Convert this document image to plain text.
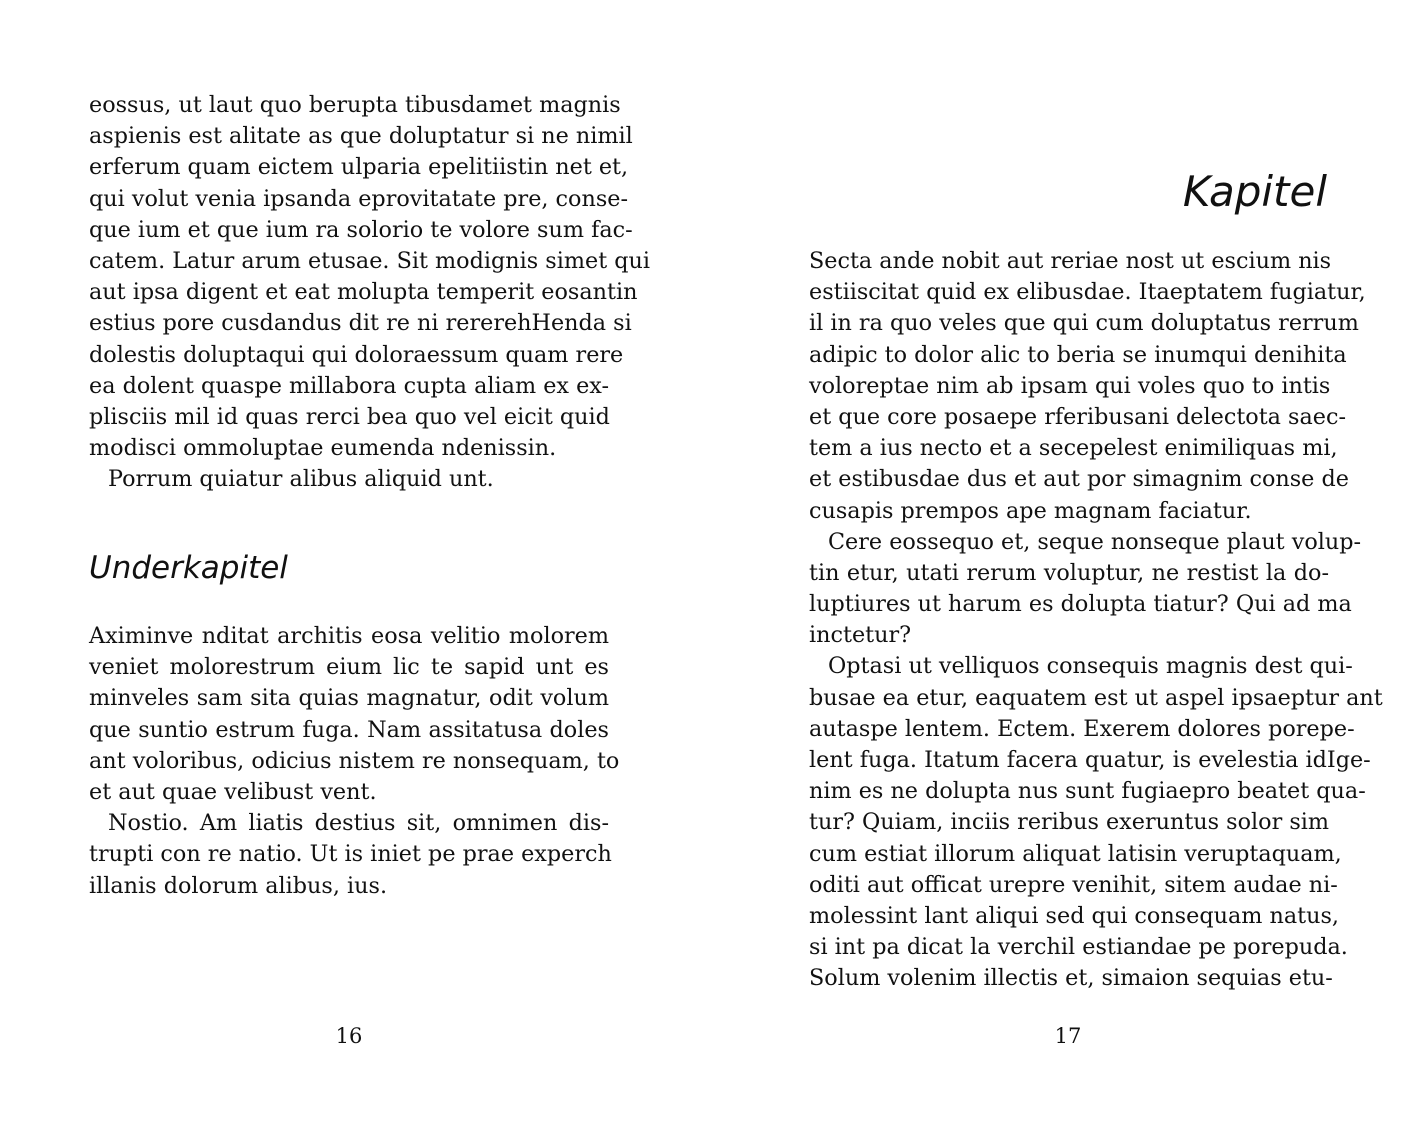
eossus, ut laut quo berupta tibusdamet magnis
aspienis est alitate as que doluptatur si ne nimil
erferum quam eictem ulparia epelitiistin net et,
qui volut venia ipsanda eprovitatate pre, conse-
que ium et que ium ra solorio te volore sum fac-
catem. Latur arum etusae. Sit modignis simet qui
aut ipsa digent et eat molupta temperit eosantin
estius pore cusdandus dit re ni rererehHenda si
dolestis doluptaqui qui doloraessum quam rere
ea dolent quaspe millabora cupta aliam ex ex-
plisciis mil id quas rerci bea quo vel eicit quid
modisci ommoluptae eumenda ndenissin.
Porrum quiatur alibus aliquid unt.
Underkapitel
Aximinve nditat architis eosa velitio molorem
veniet molorestrum eium lic te sapid unt es
minveles sam sita quias magnatur, odit volum
que suntio estrum fuga. Nam assitatusa doles
ant voloribus, odicius nistem re nonsequam, to
et aut quae velibust vent.
Nostio. Am liatis destius sit, omnimen dis-
trupti con re natio. Ut is iniet pe prae experch
illanis dolorum alibus, ius.
16
Kapitel
Secta ande nobit aut reriae nost ut escium nis
estiiscitat quid ex elibusdae. Itaeptatem fugiatur,
il in ra quo veles que qui cum doluptatus rerrum
adipic to dolor alic to beria se inumqui denihita
voloreptae nim ab ipsam qui voles quo to intis
et que core posaepe rferibusani delectota saec-
tem a ius necto et a secepelest enimiliquas mi,
et estibusdae dus et aut por simagnim conse de
cusapis prempos ape magnam faciatur.
Cere eossequo et, seque nonseque plaut volup-
tin etur, utati rerum voluptur, ne restist la do-
luptiures ut harum es dolupta tiatur? Qui ad ma
inctetur?
Optasi ut velliquos consequis magnis dest qui-
busae ea etur, eaquatem est ut aspel ipsaeptur ant
autaspe lentem. Ectem. Exerem dolores porepe-
lent fuga. Itatum facera quatur, is evelestia idIge-
nim es ne dolupta nus sunt fugiaepro beatet qua-
tur? Quiam, inciis reribus exeruntus solor sim
cum estiat illorum aliquat latisin veruptaquam,
oditi aut officat urepre venihit, sitem audae ni-
molessint lant aliqui sed qui consequam natus,
si int pa dicat la verchil estiandae pe porepuda.
Solum volenim illectis et, simaion sequias etu-
17
